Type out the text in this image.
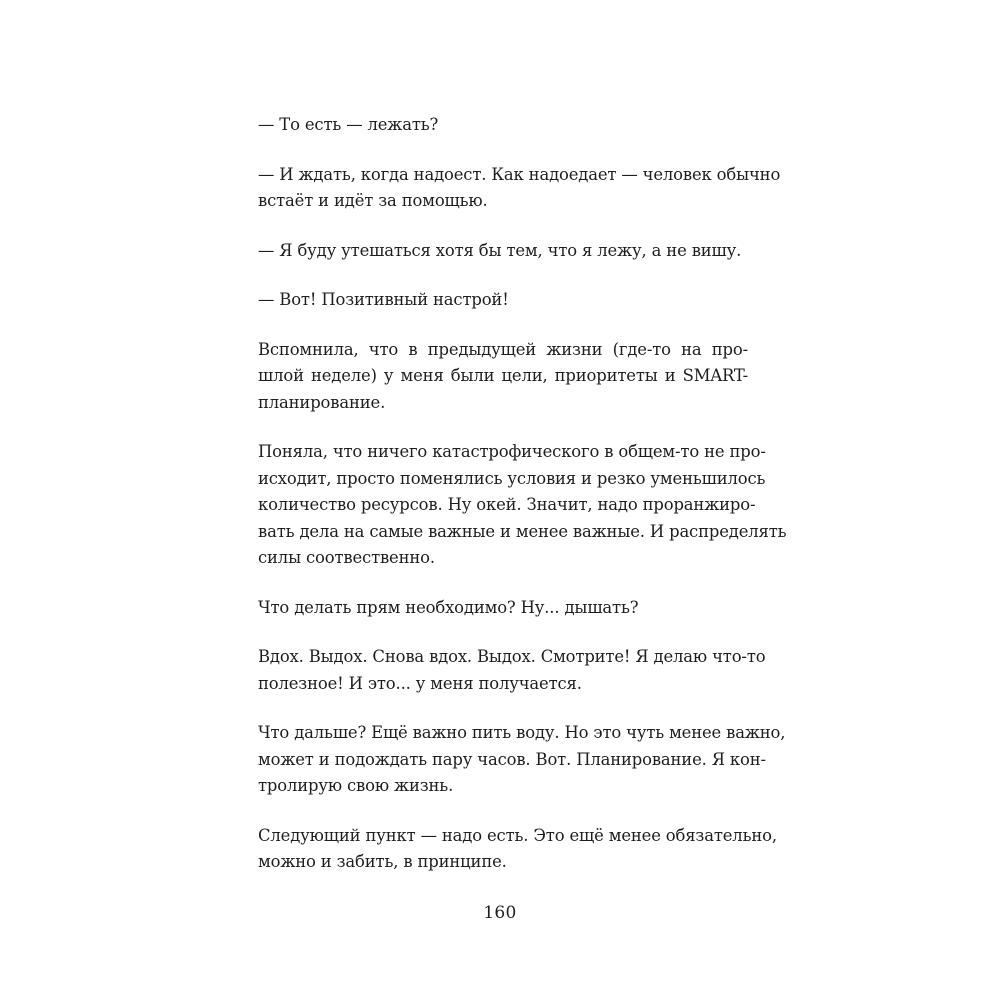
— То есть — лежать?
— И ждать, когда надоест. Как надоедает — человек обычно
встаёт и идёт за помощью.
— Я буду утешаться хотя бы тем, что я лежу, а не вишу.
— Вот! Позитивный настрой!
Вспомнила, что в предыдущей жизни (где-то на про-
шлой неделе) у меня были цели, приоритеты и SMART-
планирование.
Поняла, что ничего катастрофического в общем-то не про-
исходит, просто поменялись условия и резко уменьшилось
количество ресурсов. Ну окей. Значит, надо проранжиро-
вать дела на самые важные и менее важные. И распределять
силы соотвественно.
Что делать прям необходимо? Ну... дышать?
Вдох. Выдох. Снова вдох. Выдох. Смотрите! Я делаю что-то
полезное! И это... у меня получается.
Что дальше? Ещё важно пить воду. Но это чуть менее важно,
может и подождать пару часов. Вот. Планирование. Я кон-
тролирую свою жизнь.
Следующий пункт — надо есть. Это ещё менее обязательно,
можно и забить, в принципе.
160
